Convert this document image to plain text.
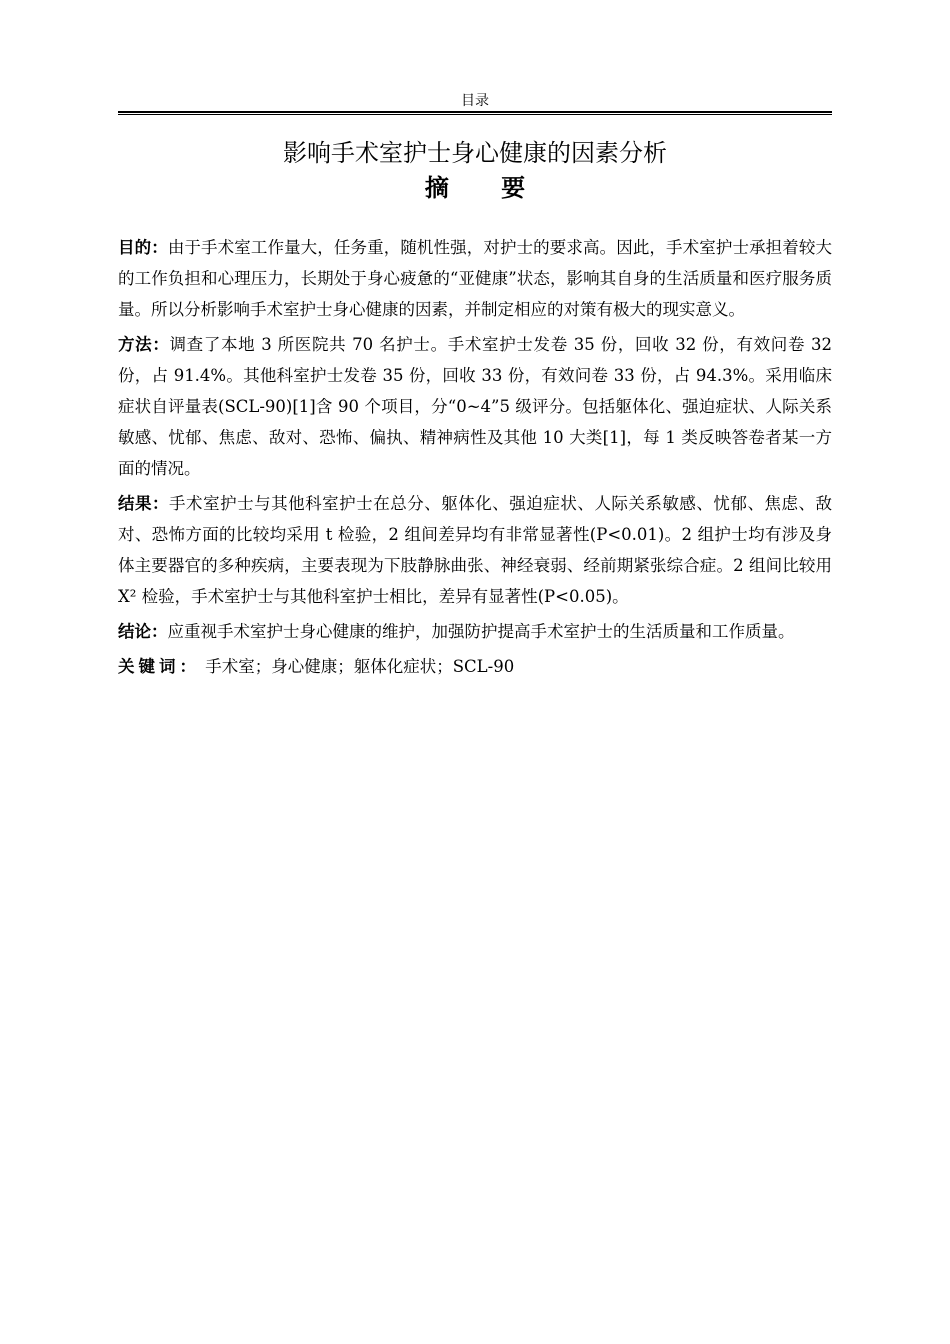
目录
影响手术室护士身心健康的因素分析
摘 要

目的：由于手术室工作量大，任务重，随机性强，对护士的要求高。因此，手术室护士承担着较大的工作负担和心理压力，长期处于身心疲惫的“亚健康”状态，影响其自身的生活质量和医疗服务质量。所以分析影响手术室护士身心健康的因素，并制定相应的对策有极大的现实意义。

方法：调查了本地 3 所医院共 70 名护士。手术室护士发卷 35 份，回收 32 份，有效问卷 32 份，占 91.4%。其他科室护士发卷 35 份，回收 33 份，有效问卷 33 份，占 94.3%。采用临床症状自评量表(SCL-90)[1]含 90 个项目，分“0~4”5 级评分。包括躯体化、强迫症状、人际关系敏感、忧郁、焦虑、敌对、恐怖、偏执、精神病性及其他 10 大类[1]，每 1 类反映答卷者某一方面的情况。

结果：手术室护士与其他科室护士在总分、躯体化、强迫症状、人际关系敏感、忧郁、焦虑、敌对、恐怖方面的比较均采用 t 检验，2 组间差异均有非常显著性(P<0.01)。2 组护士均有涉及身体主要器官的多种疾病，主要表现为下肢静脉曲张、神经衰弱、经前期紧张综合症。2 组间比较用 X² 检验，手术室护士与其他科室护士相比，差异有显著性(P<0.05)。

结论：应重视手术室护士身心健康的维护，加强防护提高手术室护士的生活质量和工作质量。

关键词： 手术室；身心健康；躯体化症状；SCL-90
